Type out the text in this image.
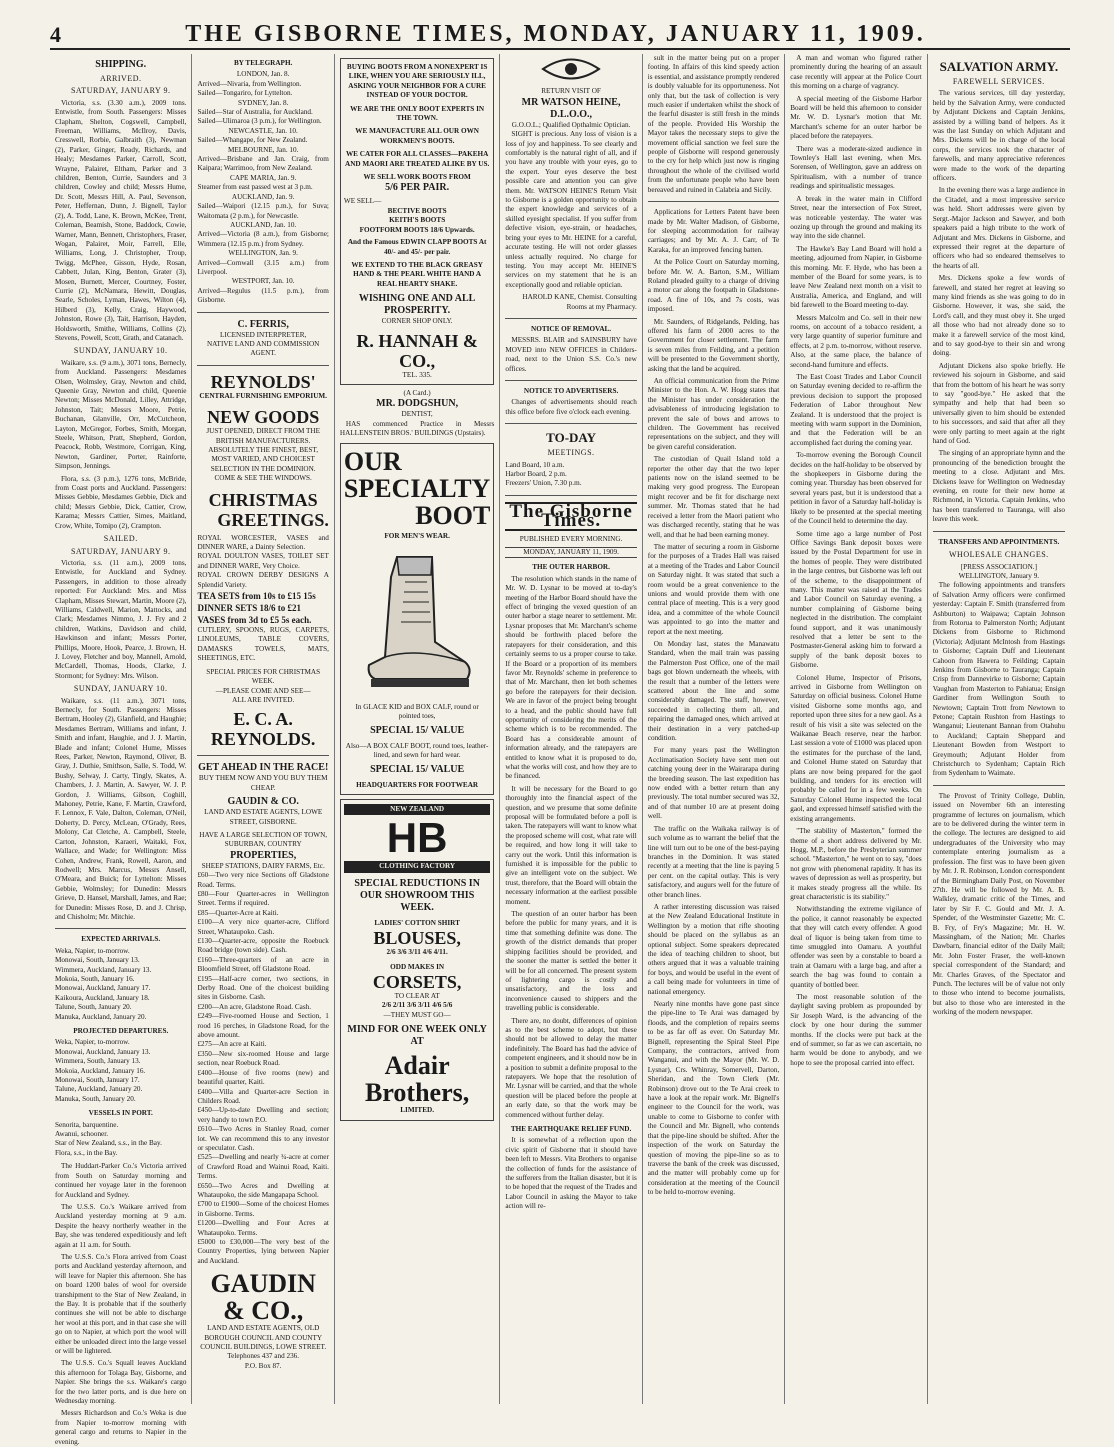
4	THE GISBORNE TIMES, MONDAY, JANUARY 11, 1909.
SHIPPING.
ARRIVED.
SATURDAY, JANUARY 9.

Victoria, s.s. (3.30 a.m.), 2009 tons. Entwistle, from South. Passengers: Misses Clapham, Shelton, Cogswell, Campbell, Freeman, Williams, McIlroy, Davis, Cresswell, Rorbie, Galbraith (3), Newman (2), Parker, Ginger, Ready, Richards, and Healy; Mesdames Parker, Carroll, Scott, Wrayne, Palairet, Eltham, Parker and 3 children, Benton, Currie, Saunders and 3 children, Cowley and child; Messrs Hume, Dr. Scott, Messrs Hill, A. Paul, Sevenson, Peter, Heffernan, Dunn, J. Bignell, Taylor (2), A. Todd, Lane, K. Brown, McKee, Trent, Coleman, Beamish, Stone, Baddock, Cowie, Warner, Mann, Bennett, Christophers, Fraser, Wogan, Palairet, Moir, Farrell, Elle, Williams, Long, J. Christopher, Troup, Twigg, McPhee, Gisson, Hyde, Rosan, Cabbett, Julan, King, Benton, Grater (3), Mosen, Burnett, Mercer, Courtney, Foster, Currie (2), McNamara, Hewitt, Douglas, Searle, Scholes, Lyman, Hawes, Wilton (4), Hilberd (3), Kelly, Craig, Haywood, Johnston, Rowe (3), Tait, Harrison, Hayden, Holdsworth, Smithe, Williams, Collins (2), Stevens, Powell, Scott, Grath, and Catanach.

SUNDAY, JANUARY 10.

Waikare, s.s. (9 a.m.), 3071 tons, Bernecly, from Auckland. Passengers: Mesdames Olsen, Wolmsley, Gray, Newton and child, Queenie Gray, Newton and child, Queenie Newton; Misses McDonald, Lilley, Attridge, Johnston, Tait; Messrs Moore, Petrie, Buchanan, Glanville, Orr, McCutcheon, Layton, McGregor, Forbes, Smith, Morgan, Steele, Whitson, Pratt, Shepherd, Gordon, Peacock, Robb, Westmore, Corrigan, King, Newton, Gardiner, Porter, Rainforte, Simpson, Jennings.

Flora, s.s. (3 p.m.), 1276 tons, McBride, from Coast ports and Auckland. Passengers: Misses Gebbie, Mesdames Gebbie, Dick and child; Messrs Gebbie, Dick, Cattier, Crow, Karama; Messrs Cattier, Simes, Maitland, Crow, White, Tomipo (2), Crampton.

SAILED.
SATURDAY, JANUARY 9.

Victoria, s.s. (11 a.m.), 2009 tons, Entwistle, for Auckland and Sydney. Passengers, in addition to those already reported: For Auckland: Mrs. and Miss Clapham, Misses Stewart, Martin, Moore (2), Williams, Caldwell, Marion, Mattocks, and Clark; Mesdames Nimmo, J. J. Fry and 2 children, Watkins, Davidson and child, Hawkinson and infant; Messrs Porter, Phillips, Moore, Hook, Pearce, J. Brown, H. J. Lovey, Fletcher and boy, Mannell, Arnold, McCardell, Thomas, Hoods, Clarke, J. Stormont; for Sydney: Mrs. Wilson.

SUNDAY, JANUARY 10.

Waikare, s.s. (11 a.m.), 3071 tons, Bernecly, for South. Passengers: Misses Bertram, Hooley (2), Glanfield, and Haughie; Mesdames Bertram, Williams and infant, J. Smith and infant, Haughie, and J. J. Martin, Blade and infant; Colonel Hume, Misses Rees, Parker, Newton, Raymond, Oliver, B. Gray, J. Duthie, Smithson, Salle, S. Todd, W. Bushy, Selway, J. Carty, Tingly, Skates, A. Chambers, J. J. Martin, A. Sawyer, W. J. P. Gordon, J. Williams, Gibson, Coghill, Mahoney, Petrie, Kane, F. Martin, Crawford, F. Lennox, F. Vale, Dalton, Coleman, O'Neil, Doherty, D. Percy, McLean, O'Grady, Rees, Molony, Cat Cletche, A. Campbell, Steele, Carton, Johnston, Karaeri, Waitaki, Fox, Wallace, and Wade; for Wellington: Miss Cohen, Andrew, Frank, Rowell, Aaron, and Rodwell; Mrs. Marcus, Messrs Ansell, O'Meara, and Buick; for Lyttelton: Misses Gebbie, Wolmsley; for Dunedin: Messrs Grieve, D. Hansel, Marshall, James, and Rae; for Dunedin: Misses Rose, D. and J. Chrisp, and Chisholm; Mr. Mitchie.

EXPECTED ARRIVALS.
Weka, Napier, to-morrow.
Monowai, South, January 13.
Wimmera, Auckland, January 13.
Mokoia, South, January 16.
Monowai, Auckland, January 17.
Kaikoura, Auckland, January 18.
Talune, South, January 20.
Manuka, Auckland, January 20.
PROJECTED DEPARTURES.
Weka, Napier, to-morrow.
Monowai, Auckland, January 13.
Wimmera, South, January 13.
Mokoia, Auckland, January 16.
Monowai, South, January 17.
Talune, Auckland, January 20.
Manuka, South, January 20.
VESSELS IN PORT.
Senorita, barquentine.
Awanui, schooner.
Star of New Zealand, s.s., in the Bay.
Flora, s.s., in the Bay.

The Huddart-Parker Co.'s Victoria arrived from South on Saturday morning and continued her voyage later in the forenoon for Auckland and Sydney.

The U.S.S. Co.'s Waikare arrived from Auckland yesterday morning at 9 a.m. Despite the heavy northerly weather in the Bay, she was tendered expeditiously and left again at 11 a.m. for South.

The U.S.S. Co.'s Flora arrived from Coast ports and Auckland yesterday afternoon, and will leave for Napier this afternoon. She has on board 1200 bales of wool for overside transhipment to the Star of New Zealand, in the Bay. It is probable that if the southerly continues she will not be able to discharge her wool at this port, and in that case she will go on to Napier, at which port the wool will either be unloaded direct into the large vessel or will be lightered.

The U.S.S. Co.'s Squall leaves Auckland this afternoon for Tolaga Bay, Gisborne, and Napier. She brings the s.s. Waikare's cargo for the two latter ports, and is due here on Wednesday morning.

Messrs Richardson and Co.'s Weka is due from Napier to-morrow morning with general cargo and returns to Napier in the evening.

BY TELEGRAPH.
LONDON, Jan. 8.
Arrived—Nivaria, from Wellington.
Sailed—Tongariro, for Lyttelton.
SYDNEY, Jan. 8.
Sailed—Star of Australia, for Auckland.
Sailed—Ulimaroa (3 p.m.), for Wellington.
NEWCASTLE, Jan. 10.
Sailed—Whangape, for New Zealand.
MELBOURNE, Jan. 10.
Arrived—Brisbane and Jan. Craig, from Kaipara; Warrimoo, from New Zealand.
CAPE MARIA, Jan. 9.
Steamer from east passed west at 3 p.m.
AUCKLAND, Jan. 9.
Sailed—Waipori (12.15 p.m.), for Suva; Waitomata (2 p.m.), for Newcastle.
AUCKLAND, Jan. 10.
Arrived—Victoria (8 a.m.), from Gisborne; Wimmera (12.15 p.m.) from Sydney.
WELLINGTON, Jan. 9.
Arrived—Cornwall (3.15 a.m.) from Liverpool.
WESTPORT, Jan. 10.
Arrived—Regulus (11.5 p.m.), from Gisborne.
C. FERRIS,
LICENSED INTERPRETER,
NATIVE LAND AND COMMISSION AGENT.
REYNOLDS'
CENTRAL FURNISHING EMPORIUM.
NEW GOODS
JUST OPENED, DIRECT FROM THE BRITISH MANUFACTURERS.
ABSOLUTELY THE FINEST, BEST, MOST VARIED, AND CHOICEST SELECTION IN THE DOMINION.
COME & SEE THE WINDOWS.
CHRISTMAS
GREETINGS.
ROYAL WORCESTER, VASES and DINNER WARE, a Dainty Selection.
ROYAL DOULTON VASES, TOILET SET and DINNER WARE, Very Choice.
ROYAL CROWN DERBY DESIGNS A Splendid Variety.
TEA SETS from 10s to £15 15s
DINNER SETS 18/6 to £21
VASES from 3d to £5 5s each.
CUTLERY, SPOONS, RUGS, CARPETS, LINOLEUMS, TABLE COVERS, DAMASKS TOWELS, MATS, SHEETINGS, ETC.
SPECIAL PRICES FOR CHRISTMAS WEEK.
—PLEASE COME AND SEE—
ALL ARE INVITED.
E. C. A. REYNOLDS.
GET AHEAD IN THE RACE!
BUY THEM NOW AND YOU BUY THEM CHEAP.
GAUDIN & CO.
LAND AND ESTATE AGENTS, LOWE STREET, GISBORNE.
HAVE A LARGE SELECTION OF TOWN, SUBURBAN, COUNTRY
PROPERTIES,
SHEEP STATIONS, DAIRY FARMS, Etc.
£60—Two very nice Sections off Gladstone Road. Terms.
£80—Four Quarter-acres in Wellington Street. Terms if required.
£85—Quarter-Acre at Kaiti.
£100—A very nice quarter-acre, Clifford Street, Whataupoko. Cash.
£130—Quarter-acre, opposite the Roebuck Road bridge (town side). Cash.
£160—Three-quarters of an acre in Bloomfield Street, off Gladstone Road.
£195—Half-acre corner, two sections, in Derby Road. One of the choicest building sites in Gisborne. Cash.
£200—An acre, Gladstone Road. Cash.
£249—Five-roomed House and Section, 1 rood 16 perches, in Gladstone Road, for the above amount.
£275—An acre at Kaiti.
£350—New six-roomed House and large section, near Roebuck Road.
£400—House of five rooms (new) and beautiful quarter, Kaiti.
£400—Villa and Quarter-acre Section in Childers Road.
£450—Up-to-date Dwelling and section; very handy to town P.O.
£610—Two Acres in Stanley Road, corner lot. We can recommend this to any investor or speculator. Cash.
£525—Dwelling and nearly ¾-acre at corner of Crawford Road and Wainui Road, Kaiti. Terms.
£650—Two Acres and Dwelling at Whataupoko, the side Mangapapa School.
£700 to £1900—Some of the choicest Homes in Gisborne. Terms.
£1200—Dwelling and Four Acres at Whataupoko. Terms.
£5000 to £30,000—The very best of the Country Properties, lying between Napier and Auckland.
GAUDIN & CO.,
LAND AND ESTATE AGENTS, OLD BOROUGH COUNCIL AND COUNTY COUNCIL BUILDINGS, LOWE STREET.
Telephones 437 and 236.
P.O. Box 87.
BUYING BOOTS FROM A NONEXPERT IS LIKE, WHEN YOU ARE SERIOUSLY ILL, ASKING YOUR NEIGHBOR FOR A CURE INSTEAD OF YOUR DOCTOR.
WE ARE THE ONLY BOOT EXPERTS IN THE TOWN.
WE MANUFACTURE ALL OUR OWN WORKMEN'S BOOTS.
WE CATER FOR ALL CLASSES—PAKEHA AND MAORI ARE TREATED ALIKE BY US.
WE SELL WORK BOOTS FROM
5/6 PER PAIR.
WE SELL—
BECTIVE BOOTS
KEITH'S BOOTS
FOOTFORM BOOTS 18/6 Upwards.
And the Famous EDWIN CLAPP BOOTS At 40/- and 45/- per pair.
WE EXTEND TO THE BLACK GREASY HAND & THE PEARL WHITE HAND A REAL HEARTY SHAKE.
WISHING ONE AND ALL PROSPERITY.
CORNER SHOP ONLY.
R. HANNAH & CO.,
TEL. 335.
(A Card.)
MR. DODGSHUN,
DENTIST,

HAS commenced Practice in Messrs HALLENSTEIN BROS.' BUILDINGS (Upstairs).

OUR
SPECIALTY
BOOT
FOR MEN'S WEAR.
In GLACE KID and BOX CALF, round or pointed toes,
SPECIAL 15/ VALUE
Also—A BOX CALF BOOT, round toes, leather-lined, and sewn for hard wear.
SPECIAL 15/ VALUE
HEADQUARTERS FOR FOOTWEAR
NEW ZEALAND
HB
CLOTHING FACTORY
SPECIAL REDUCTIONS IN OUR SHOWROOM THIS WEEK.
LADIES' COTTON SHIRT
BLOUSES,
2/6 3/6 3/11 4/6 4/11.
ODD MAKES IN
CORSETS,
TO CLEAR AT
2/6 2/11 3/6 3/11 4/6 5/6
—THEY MUST GO—
MIND FOR ONE WEEK ONLY AT
Adair Brothers,
LIMITED.
RETURN VISIT OF
MR WATSON HEINE, D.L.O.O.,
G.O.O.L.; Qualified Opthalmic Optician.

SIGHT is precious. Any loss of vision is a loss of joy and happiness. To see clearly and comfortably is the natural right of all, and if you have any trouble with your eyes, go to the expert. Your eyes deserve the best possible care and attention you can give them. Mr. WATSON HEINE'S Return Visit to Gisborne is a golden opportunity to obtain the expert knowledge and services of a skilled eyesight specialist. If you suffer from defective vision, eye-strain, or headaches, bring your eyes to Mr. HEINE for a careful, accurate testing. He will not order glasses unless actually required. No charge for testing. You may accept Mr. HEINE'S services on my statement that he is an exceptionally good and reliable optician.

HAROLD KANE, Chemist. Consulting Rooms at my Pharmacy.
NOTICE OF REMOVAL.

MESSRS. BLAIR and SAINSBURY have MOVED into NEW OFFICES in Childers-road, next to the Union S.S. Co.'s new offices.

NOTICE TO ADVERTISERS.

Changes of advertisements should reach this office before five o'clock each evening.

TO-DAY
MEETINGS.
Land Board, 10 a.m.
Harbor Board, 2 p.m.
Freezers' Union, 7.30 p.m.
The Gisborne Times.
PUBLISHED EVERY MORNING.
MONDAY, JANUARY 11, 1909.
THE OUTER HARBOR.

The resolution which stands in the name of Mr. W. D. Lysnar to be moved at to-day's meeting of the Harbor Board should have the effect of bringing the vexed question of an outer harbor a stage nearer to settlement. Mr. Lysnar proposes that Mr. Marchant's scheme should be forthwith placed before the ratepayers for their consideration, and this certainly seems to us a proper course to take. If the Board or a proportion of its members favor Mr. Reynolds' scheme in preference to that of Mr. Marchant, then let both schemes go before the ratepayers for their decision. We are in favor of the project being brought to a head, and the public should have full opportunity of considering the merits of the scheme which is to be recommended. The Board has a considerable amount of information already, and the ratepayers are entitled to know what it is proposed to do, what the works will cost, and how they are to be financed.

It will be necessary for the Board to go thoroughly into the financial aspect of the question, and we presume that some definite proposal will be formulated before a poll is taken. The ratepayers will want to know what the proposed scheme will cost, what rate will be required, and how long it will take to carry out the work. Until this information is furnished it is impossible for the public to give an intelligent vote on the subject. We trust, therefore, that the Board will obtain the necessary information at the earliest possible moment.

The question of an outer harbor has been before the public for many years, and it is time that something definite was done. The growth of the district demands that proper shipping facilities should be provided, and the sooner the matter is settled the better it will be for all concerned. The present system of lightering cargo is costly and unsatisfactory, and the loss and inconvenience caused to shippers and the travelling public is considerable.

There are, no doubt, differences of opinion as to the best scheme to adopt, but these should not be allowed to delay the matter indefinitely. The Board has had the advice of competent engineers, and it should now be in a position to submit a definite proposal to the ratepayers. We hope that the resolution of Mr. Lysnar will be carried, and that the whole question will be placed before the people at an early date, so that the work may be commenced without further delay.

THE EARTHQUAKE RELIEF FUND.

It is somewhat of a reflection upon the civic spirit of Gisborne that it should have been left to Messrs. Vita Brothers to organise the collection of funds for the assistance of the sufferers from the Italian disaster, but it is to be hoped that the request of the Trades and Labor Council in asking the Mayor to take action will re-

sult in the matter being put on a proper footing. In affairs of this kind speedy action is essential, and assistance promptly rendered is doubly valuable for its opportuneness. Not only that, but the task of collection is very much easier if undertaken whilst the shock of the fearful disaster is still fresh in the minds of the people. Provided His Worship the Mayor takes the necessary steps to give the movement official sanction we feel sure the people of Gisborne will respond generously to the cry for help which just now is ringing throughout the whole of the civilised world from the unfortunate people who have been bereaved and ruined in Calabria and Sicily.

Applications for Letters Patent have been made by Mr. Walter Madison, of Gisborne, for sleeping accommodation for railway carriages; and by Mr. A. J. Carr, of Te Karaka, for an improved fencing batten.

At the Police Court on Saturday morning, before Mr. W. A. Barton, S.M., William Roland pleaded guilty to a charge of driving a motor car along the footpath in Gladstone-road. A fine of 10s, and 7s costs, was imposed.

Mr. Saunders, of Ridgelands, Pelding, has offered his farm of 2000 acres to the Government for closer settlement. The farm is seven miles from Feilding, and a petition will be presented to the Government shortly, asking that the land be acquired.

An official communication from the Prime Minister to the Hon. A. W. Hogg states that the Minister has under consideration the advisableness of introducing legislation to prevent the sale of bows and arrows to children. The Government has received representations on the subject, and they will be given careful consideration.

The custodian of Quail Island told a reporter the other day that the two leper patients now on the island seemed to be making very good progress. The European might recover and be fit for discharge next summer. Mr. Thomas stated that he had received a letter from the Maori patient who was discharged recently, stating that he was well, and that he had been earning money.

The matter of securing a room in Gisborne for the purposes of a Trades Hall was raised at a meeting of the Trades and Labor Council on Saturday night. It was stated that such a room would be a great convenience to the unions and would provide them with one central place of meeting. This is a very good idea, and a committee of the whole Council was appointed to go into the matter and report at the next meeting.

On Monday last, states the Manawatu Standard, when the mail train was passing the Palmerston Post Office, one of the mail bags got blown underneath the wheels, with the result that a number of the letters were scattered about the line and some considerably damaged. The staff, however, succeeded in collecting them all, and repairing the damaged ones, which arrived at their destination in a very patched-up condition.

For many years past the Wellington Acclimatisation Society have sent men out catching young deer in the Wairarapa during the breeding season. The last expedition has now ended with a better return than any previously. The total number secured was 32, and of that number 10 are at present doing well.

The traffic on the Waikaka railway is of such volume as to warrant the belief that the line will turn out to be one of the best-paying branches in the Dominion. It was stated recently at a meeting that the line is paying 5 per cent. on the capital outlay. This is very satisfactory, and augurs well for the future of other branch lines.

A rather interesting discussion was raised at the New Zealand Educational Institute in Wellington by a motion that rifle shooting should be placed on the syllabus as an optional subject. Some speakers deprecated the idea of teaching children to shoot, but others argued that it was a valuable training for boys, and would be useful in the event of a call being made for volunteers in time of national emergency.

Nearly nine months have gone past since the pipe-line to Te Arai was damaged by floods, and the completion of repairs seems to be as far off as ever. On Saturday Mr. Bignell, representing the Spiral Steel Pipe Company, the contractors, arrived from Wanganui, and with the Mayor (Mr. W. D. Lysnar), Crs. Whinray, Somervell, Darton, Sheridan, and the Town Clerk (Mr. Robinson) drove out to the Te Arai creek to have a look at the repair work. Mr. Bignell's engineer to the Council for the work, was unable to come to Gisborne to confer with the Council and Mr. Bignell, who contends that the pipe-line should be shifted. After the inspection of the work on Saturday the question of moving the pipe-line so as to traverse the bank of the creek was discussed, and the matter will probably come up for consideration at the meeting of the Council to be held to-morrow evening.

A man and woman who figured rather prominently during the hearing of an assault case recently will appear at the Police Court this morning on a charge of vagrancy.

A special meeting of the Gisborne Harbor Board will be held this afternoon to consider Mr. W. D. Lysnar's motion that Mr. Marchant's scheme for an outer harbor be placed before the ratepayers.

There was a moderate-sized audience in Townley's Hall last evening, when Mrs. Sorensen, of Wellington, gave an address on Spiritualism, with a number of trance readings and spiritualistic messages.

A break in the water main in Clifford Street, near the intersection of Fox Street, was noticeable yesterday. The water was oozing up through the ground and making its way into the side channel.

The Hawke's Bay Land Board will hold a meeting, adjourned from Napier, in Gisborne this morning. Mr. F. Hyde, who has been a member of the Board for some years, is to leave New Zealand next month on a visit to Australia, America, and England, and will bid farewell to the Board meeting to-day.

Messrs Malcolm and Co. sell in their new rooms, on account of a tobacco resident, a very large quantity of superior furniture and effects, at 2 p.m. to-morrow, without reserve. Also, at the same place, the balance of second-hand furniture and effects.

The East Coast Trades and Labor Council on Saturday evening decided to re-affirm the previous decision to support the proposed Federation of Labor throughout New Zealand. It is understood that the project is meeting with warm support in the Dominion, and that the Federation will be an accomplished fact during the coming year.

To-morrow evening the Borough Council decides on the half-holiday to be observed by the shopkeepers in Gisborne during the coming year. Thursday has been observed for several years past, but it is understood that a petition in favor of a Saturday half-holiday is likely to be presented at the special meeting of the Council held to determine the day.

Some time ago a large number of Post Office Savings Bank deposit boxes were issued by the Postal Department for use in the homes of people. They were distributed in the large centres, but Gisborne was left out of the scheme, to the disappointment of many. This matter was raised at the Trades and Labor Council on Saturday evening, a number complaining of Gisborne being neglected in the distribution. The complaint found support, and it was unanimously resolved that a letter be sent to the Postmaster-General asking him to forward a supply of the bank deposit boxes to Gisborne.

Colonel Hume, Inspector of Prisons, arrived in Gisborne from Wellington on Saturday on official business. Colonel Hume visited Gisborne some months ago, and reported upon three sites for a new gaol. As a result of his visit a site was selected on the Waikanae Beach reserve, near the harbor. Last session a vote of £1000 was placed upon the estimates for the purchase of the land, and Colonel Hume stated on Saturday that plans are now being prepared for the gaol building, and tenders for its erection will probably be called for in a few weeks. On Saturday Colonel Hume inspected the local gaol, and expressed himself satisfied with the existing arrangements.

"The stability of Masterton," formed the theme of a short address delivered by Mr. Hogg, M.P., before the Presbyterian summer school. "Masterton," he went on to say, "does not grow with phenomenal rapidity. It has its waves of depression as well as prosperity, but it makes steady progress all the while. Its great characteristic is its stability."

Notwithstanding the extreme vigilance of the police, it cannot reasonably be expected that they will catch every offender. A good deal of liquor is being taken from time to time smuggled into Oamaru. A youthful offender was seen by a constable to board a train at Oamaru with a large bag, and after a search the bag was found to contain a quantity of bottled beer.

The most reasonable solution of the daylight saving problem as propounded by Sir Joseph Ward, is the advancing of the clock by one hour during the summer months. If the clocks were put back at the end of summer, so far as we can ascertain, no harm would be done to anybody, and we hope to see the proposal carried into effect.

SALVATION ARMY.
FAREWELL SERVICES.

The various services, till day yesterday, held by the Salvation Army, were conducted by Adjutant Dickens and Captain Jenkins, assisted by a willing band of helpers. As it was the last Sunday on which Adjutant and Mrs. Dickens will be in charge of the local corps, the services took the character of farewells, and many appreciative references were made to the work of the departing officers.

In the evening there was a large audience in the Citadel, and a most impressive service was held. Short addresses were given by Sergt.-Major Jackson and Sawyer, and both speakers paid a high tribute to the work of Adjutant and Mrs. Dickens in Gisborne, and expressed their regret at the departure of officers who had so endeared themselves to the hearts of all.

Mrs. Dickens spoke a few words of farewell, and stated her regret at leaving so many kind friends as she was going to do in Gisborne. However, it was, she said, the Lord's call, and they must obey it. She urged all those who had not already done so to make it a farewell service of the most kind, and to say good-bye to their sin and wrong doing.

Adjutant Dickens also spoke briefly. He reviewed his sojourn in Gisborne, and said that from the bottom of his heart he was sorry to say "good-bye." He asked that the sympathy and help that had been so universally given to him should be extended to his successors, and said that after all they were only parting to meet again at the right hand of God.

The singing of an appropriate hymn and the pronouncing of the benediction brought the meeting to a close. Adjutant and Mrs. Dickens leave for Wellington on Wednesday evening, en route for their new home at Richmond, in Victoria. Captain Jenkins, who has been transferred to Tauranga, will also leave this week.

TRANSFERS AND APPOINTMENTS.
WHOLESALE CHANGES.
[PRESS ASSOCIATION.]
WELLINGTON, January 9.

The following appointments and transfers of Salvation Army officers were confirmed yesterday: Captain F. Smith (transferred from Ashburton) to Waipawa; Captain Johnson from Rotorua to Palmerston North; Adjutant Dickens from Gisborne to Richmond (Victoria); Adjutant McIntosh from Hastings to Gisborne; Captain Duff and Lieutenant Cahoon from Hawera to Feilding; Captain Jenkins from Gisborne to Tauranga; Captain Crisp from Dannevirke to Gisborne; Captain Vaughan from Masterton to Pahiatua; Ensign Gardiner from Wellington South to Newtown; Captain Trott from Newtown to Petone; Captain Rushton from Hastings to Wanganui; Lieutenant Bannan from Otahuhu to Auckland; Captain Sheppard and Lieutenant Bowden from Westport to Greymouth; Adjutant Holder from Christchurch to Sydenham; Captain Rich from Sydenham to Waimate.

The Provost of Trinity College, Dublin, issued on November 6th an interesting programme of lectures on journalism, which are to be delivered during the winter term in the college. The lectures are designed to aid undergraduates of the University who may contemplate entering journalism as a profession. The first was to have been given by Mr. J. R. Robinson, London correspondent of the Birmingham Daily Post, on November 27th. He will be followed by Mr. A. B. Walkley, dramatic critic of the Times, and later by Sir F. C. Gould and Mr. J. A. Spender, of the Westminster Gazette; Mr. C. B. Fry, of Fry's Magazine; Mr. H. W. Massingham, of the Nation; Mr. Charles Dawbarn, financial editor of the Daily Mail; Mr. John Foster Fraser, the well-known special correspondent of the Standard; and Mr. Charles Graves, of the Spectator and Punch. The lectures will be of value not only to those who intend to become journalists, but also to those who are interested in the working of the modern newspaper.
